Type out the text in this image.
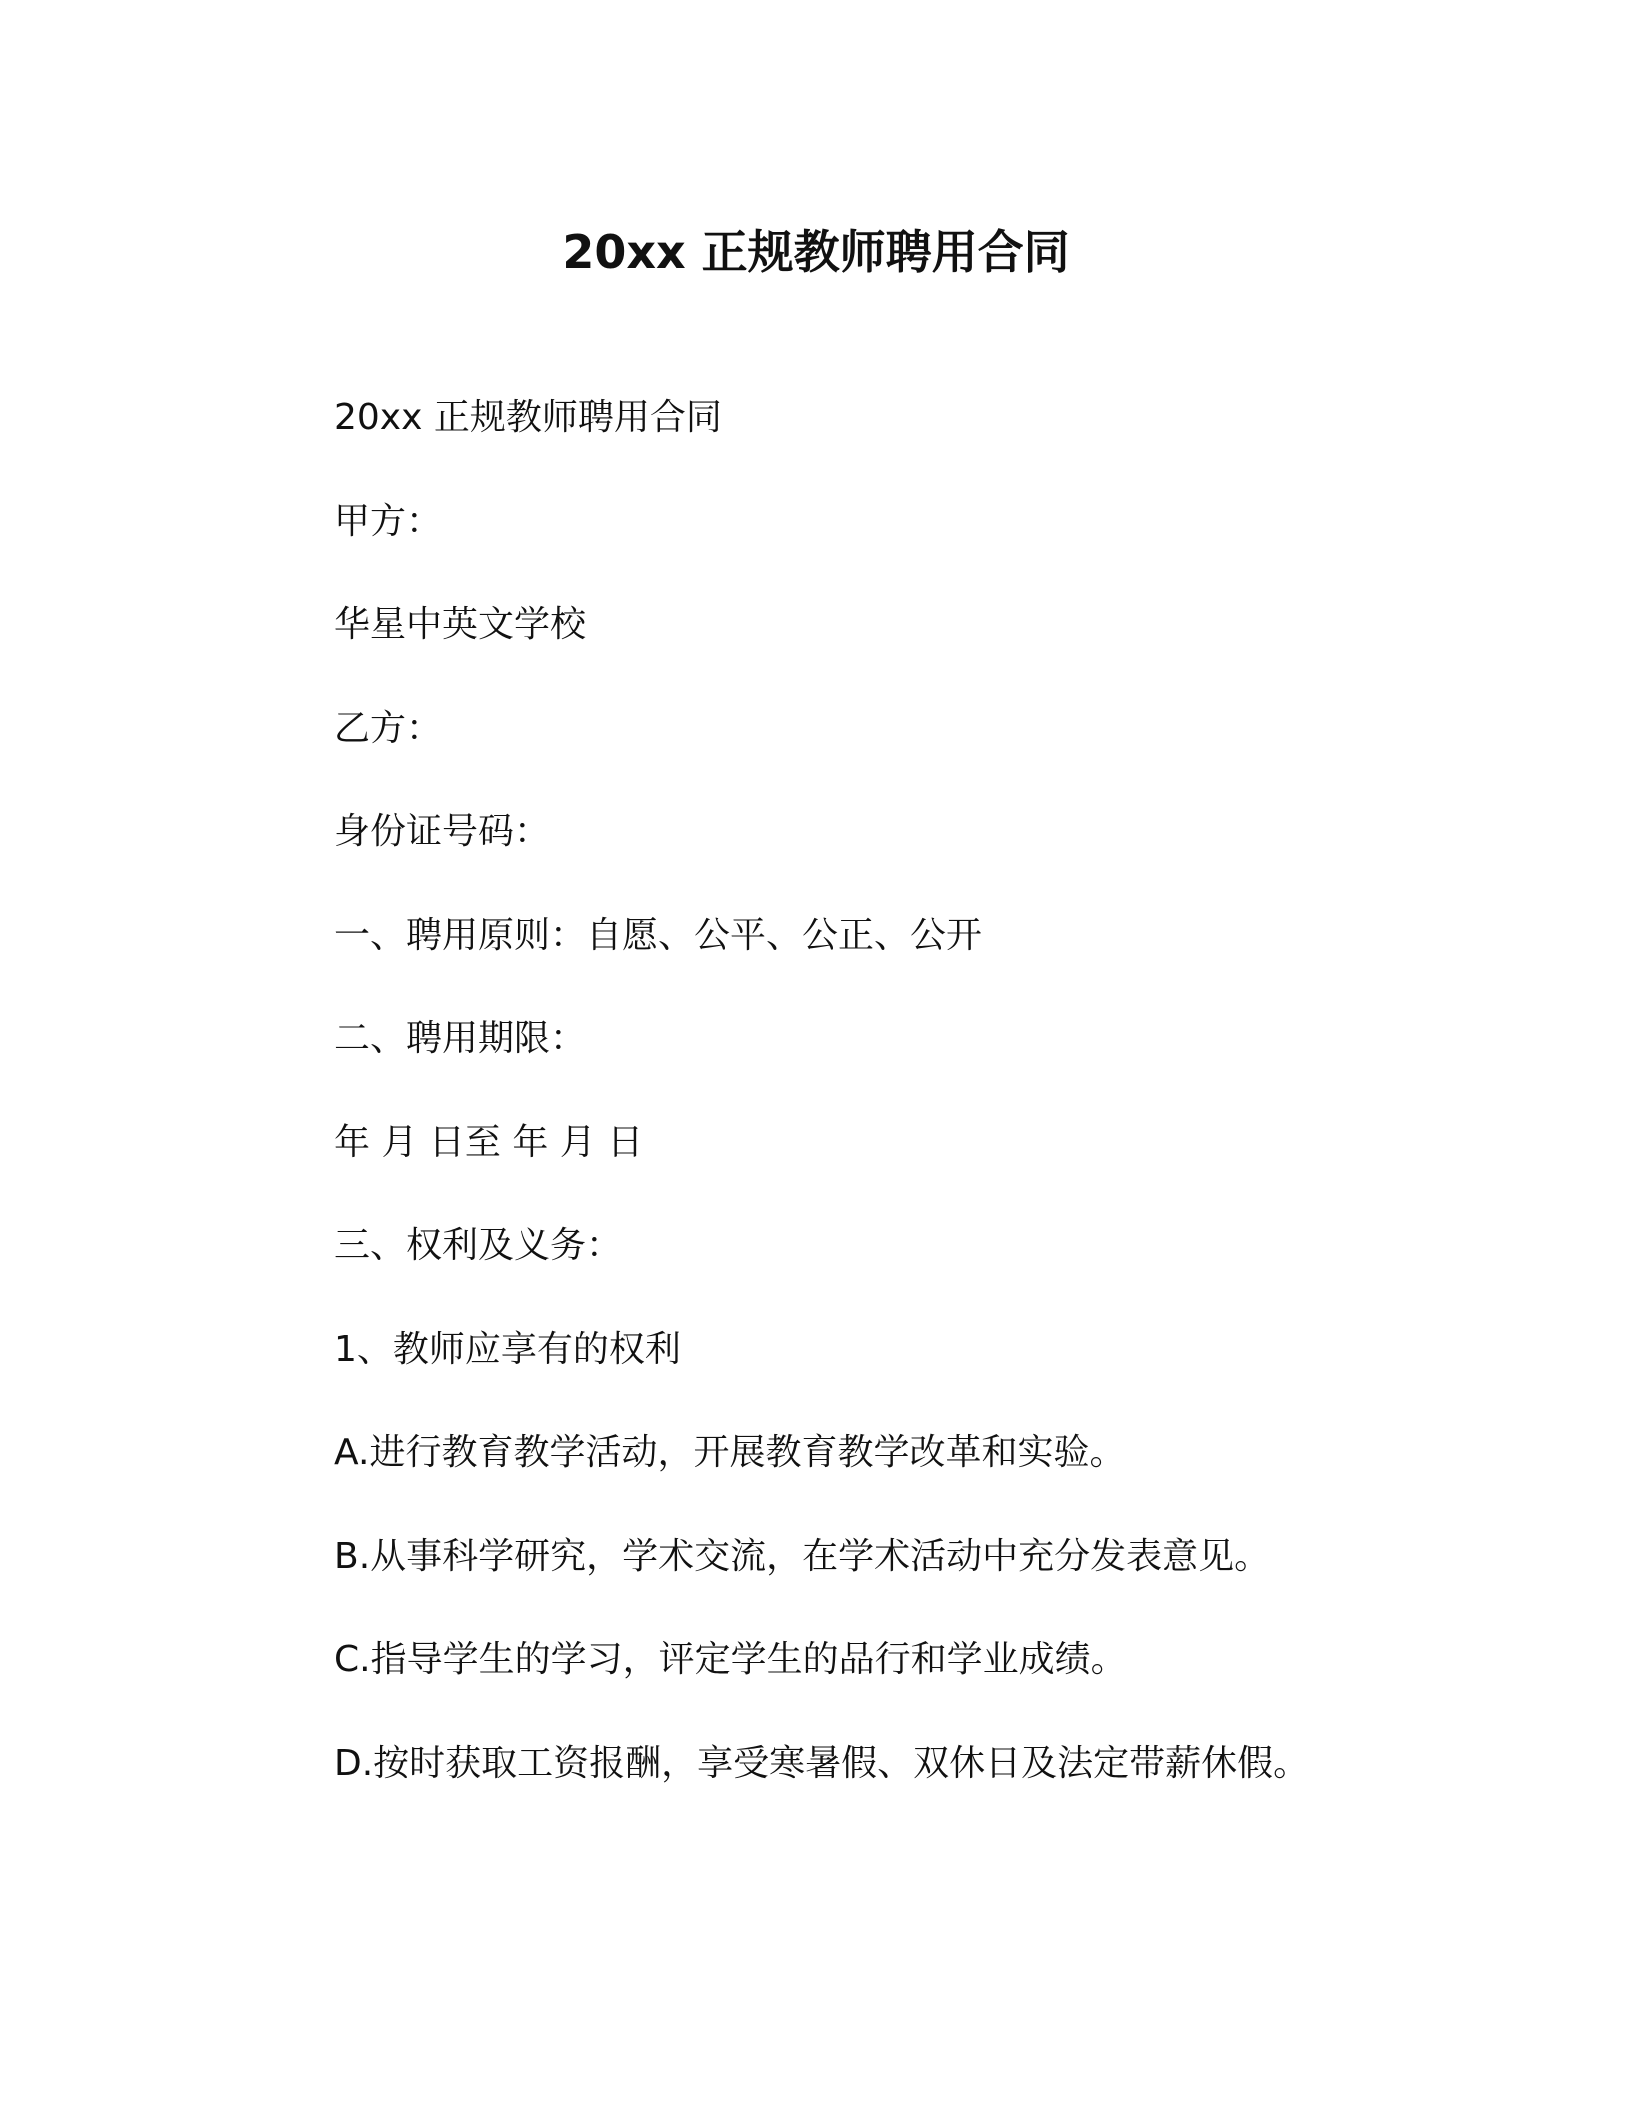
20xx 正规教师聘用合同
20xx 正规教师聘用合同
甲方：
华星中英文学校
乙方：
身份证号码：
一、聘用原则：自愿、公平、公正、公开
二、聘用期限：
年 月 日至 年 月 日
三、权利及义务：
1、教师应享有的权利
A.进行教育教学活动，开展教育教学改革和实验。
B.从事科学研究，学术交流，在学术活动中充分发表意见。
C.指导学生的学习，评定学生的品行和学业成绩。
D.按时获取工资报酬，享受寒暑假、双休日及法定带薪休假。
